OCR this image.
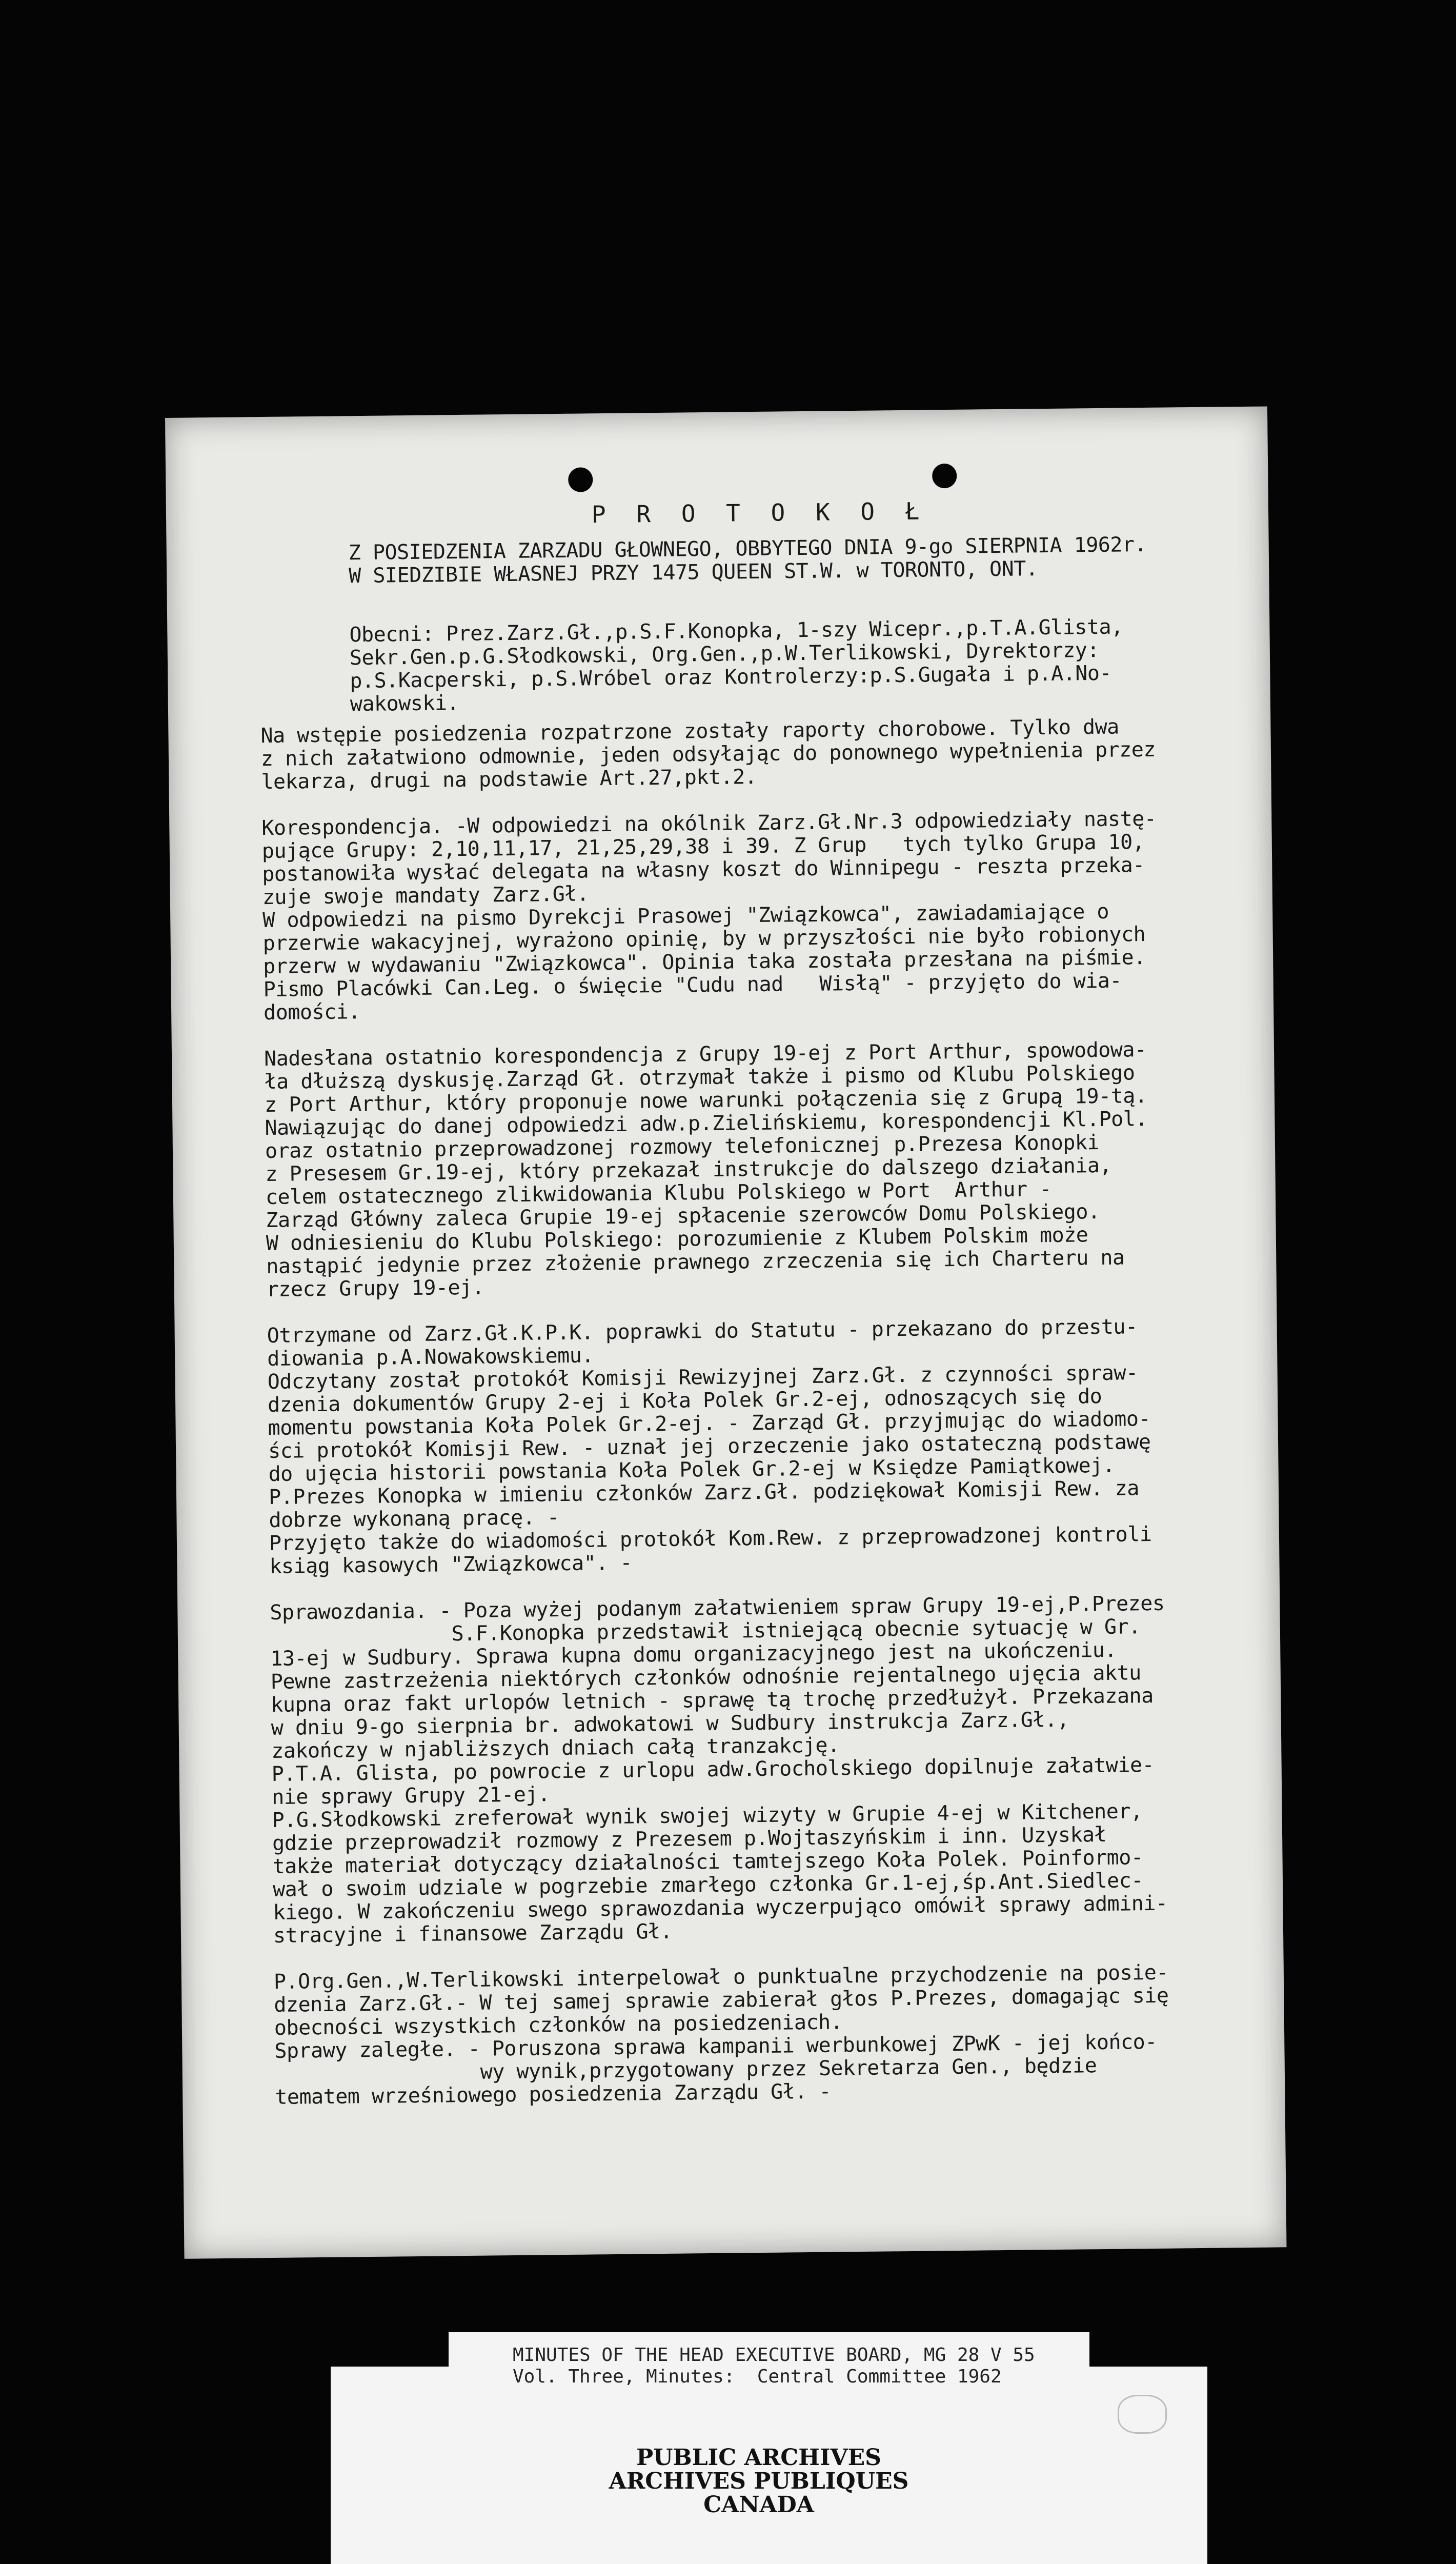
P R O T O K O Ł
Z POSIEDZENIA ZARZADU GŁOWNEGO, OBBYTEGO DNIA 9-go SIERPNIA 1962r.
W SIEDZIBIE WŁASNEJ PRZY 1475 QUEEN ST.W. w TORONTO, ONT.
Obecni: Prez.Zarz.Gł.,p.S.F.Konopka, 1-szy Wicepr.,p.T.A.Glista,
Sekr.Gen.p.G.Słodkowski, Org.Gen.,p.W.Terlikowski, Dyrektorzy:
p.S.Kacperski, p.S.Wróbel oraz Kontrolerzy:p.S.Gugała i p.A.No-
wakowski.
Na wstępie posiedzenia rozpatrzone zostały raporty chorobowe. Tylko dwa
z nich załatwiono odmownie, jeden odsyłając do ponownego wypełnienia przez
lekarza, drugi na podstawie Art.27,pkt.2.

Korespondencja. -W odpowiedzi na okólnik Zarz.Gł.Nr.3 odpowiedziały nastę-
pujące Grupy: 2,10,11,17, 21,25,29,38 i 39. Z Grup   tych tylko Grupa 10,
postanowiła wysłać delegata na własny koszt do Winnipegu - reszta przeka-
zuje swoje mandaty Zarz.Gł.
W odpowiedzi na pismo Dyrekcji Prasowej "Związkowca", zawiadamiające o
przerwie wakacyjnej, wyrażono opinię, by w przyszłości nie było robionych
przerw w wydawaniu "Związkowca". Opinia taka została przesłana na piśmie.
Pismo Placówki Can.Leg. o święcie "Cudu nad   Wisłą" - przyjęto do wia-
domości.

Nadesłana ostatnio korespondencja z Grupy 19-ej z Port Arthur, spowodowa-
ła dłuższą dyskusję.Zarząd Gł. otrzymał także i pismo od Klubu Polskiego
z Port Arthur, który proponuje nowe warunki połączenia się z Grupą 19-tą.
Nawiązując do danej odpowiedzi adw.p.Zielińskiemu, korespondencji Kl.Pol.
oraz ostatnio przeprowadzonej rozmowy telefonicznej p.Prezesa Konopki
z Presesem Gr.19-ej, który przekazał instrukcje do dalszego działania,
celem ostatecznego zlikwidowania Klubu Polskiego w Port  Arthur -
Zarząd Główny zaleca Grupie 19-ej spłacenie szerowców Domu Polskiego.
W odniesieniu do Klubu Polskiego: porozumienie z Klubem Polskim może
nastąpić jedynie przez złożenie prawnego zrzeczenia się ich Charteru na
rzecz Grupy 19-ej.

Otrzymane od Zarz.Gł.K.P.K. poprawki do Statutu - przekazano do przestu-
diowania p.A.Nowakowskiemu.
Odczytany został protokół Komisji Rewizyjnej Zarz.Gł. z czynności spraw-
dzenia dokumentów Grupy 2-ej i Koła Polek Gr.2-ej, odnoszących się do
momentu powstania Koła Polek Gr.2-ej. - Zarząd Gł. przyjmując do wiadomo-
ści protokół Komisji Rew. - uznał jej orzeczenie jako ostateczną podstawę
do ujęcia historii powstania Koła Polek Gr.2-ej w Księdze Pamiątkowej.
P.Prezes Konopka w imieniu członków Zarz.Gł. podziękował Komisji Rew. za
dobrze wykonaną pracę. -
Przyjęto także do wiadomości protokół Kom.Rew. z przeprowadzonej kontroli
ksiąg kasowych "Związkowca". -

Sprawozdania. - Poza wyżej podanym załatwieniem spraw Grupy 19-ej,P.Prezes
S.F.Konopka przedstawił istniejącą obecnie sytuację w Gr.
13-ej w Sudbury. Sprawa kupna domu organizacyjnego jest na ukończeniu.
Pewne zastrzeżenia niektórych członków odnośnie rejentalnego ujęcia aktu
kupna oraz fakt urlopów letnich - sprawę tą trochę przedłużył. Przekazana
w dniu 9-go sierpnia br. adwokatowi w Sudbury instrukcja Zarz.Gł.,
zakończy w njabliższych dniach całą tranzakcję.
P.T.A. Glista, po powrocie z urlopu adw.Grocholskiego dopilnuje załatwie-
nie sprawy Grupy 21-ej.
P.G.Słodkowski zreferował wynik swojej wizyty w Grupie 4-ej w Kitchener,
gdzie przeprowadził rozmowy z Prezesem p.Wojtaszyńskim i inn. Uzyskał
także materiał dotyczący działalności tamtejszego Koła Polek. Poinformo-
wał o swoim udziale w pogrzebie zmarłego członka Gr.1-ej,śp.Ant.Siedlec-
kiego. W zakończeniu swego sprawozdania wyczerpująco omówił sprawy admini-
stracyjne i finansowe Zarządu Gł.

P.Org.Gen.,W.Terlikowski interpelował o punktualne przychodzenie na posie-
dzenia Zarz.Gł.- W tej samej sprawie zabierał głos P.Prezes, domagając się
obecności wszystkich członków na posiedzeniach.
Sprawy zaległe. - Poruszona sprawa kampanii werbunkowej ZPwK - jej końco-
wy wynik,przygotowany przez Sekretarza Gen., będzie
tematem wrześniowego posiedzenia Zarządu Gł. -
MINUTES OF THE HEAD EXECUTIVE BOARD, MG 28 V 55
Vol. Three, Minutes:  Central Committee 1962
PUBLIC ARCHIVES
ARCHIVES PUBLIQUES
CANADA
